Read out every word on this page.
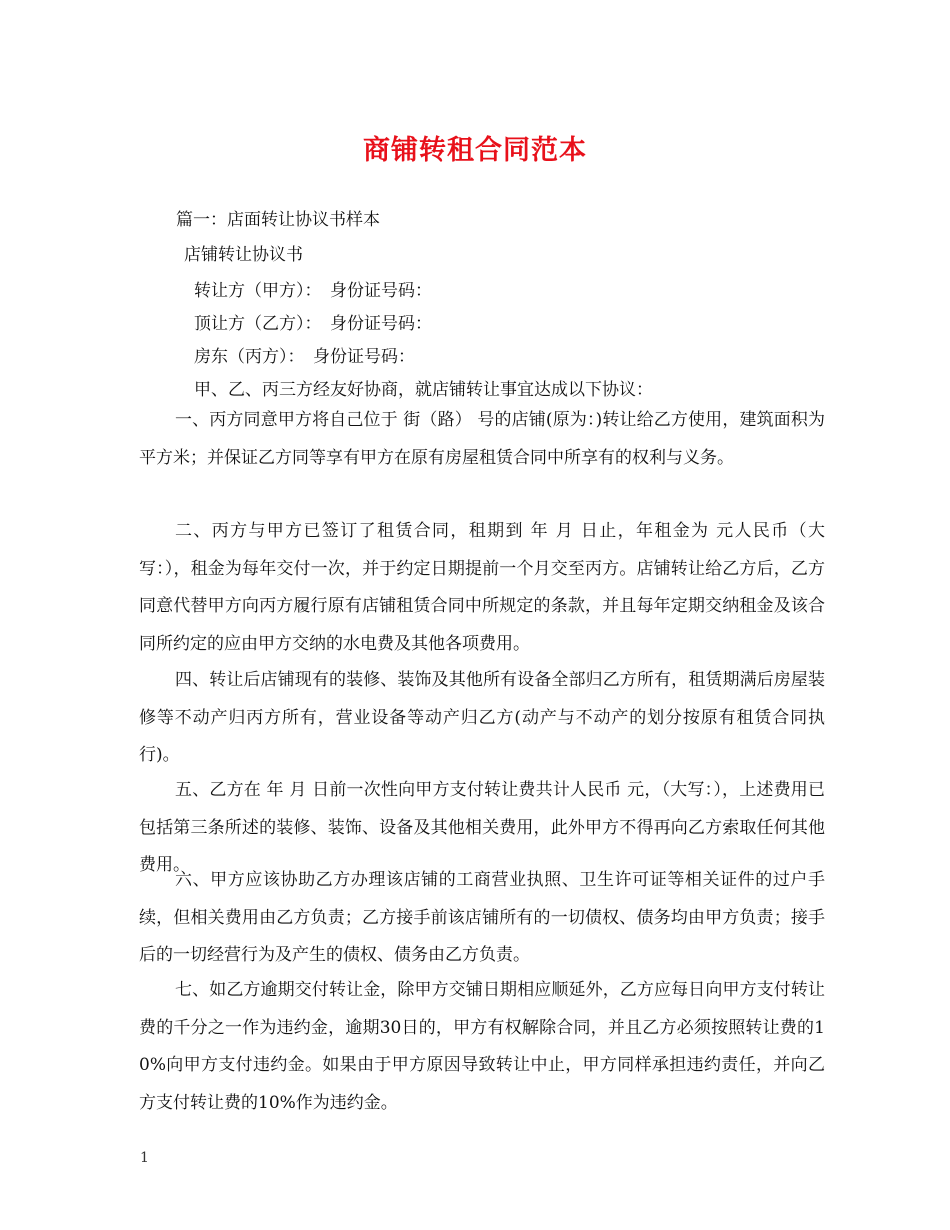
商铺转租合同范本
篇一：店面转让协议书样本
店铺转让协议书
转让方（甲方）：　身份证号码：
顶让方（乙方）：　身份证号码：
房东（丙方）：　身份证号码：
甲、乙、丙三方经友好协商，就店铺转让事宜达成以下协议：
一、丙方同意甲方将自己位于 街（路） 号的店铺(原为：)转让给乙方使用，建筑面积为 平方米；并保证乙方同等享有甲方在原有房屋租赁合同中所享有的权利与义务。
二、丙方与甲方已签订了租赁合同，租期到 年 月 日止，年租金为 元人民币（大写：），租金为每年交付一次，并于约定日期提前一个月交至丙方。店铺转让给乙方后，乙方同意代替甲方向丙方履行原有店铺租赁合同中所规定的条款，并且每年定期交纳租金及该合同所约定的应由甲方交纳的水电费及其他各项费用。
四、转让后店铺现有的装修、装饰及其他所有设备全部归乙方所有，租赁期满后房屋装修等不动产归丙方所有，营业设备等动产归乙方(动产与不动产的划分按原有租赁合同执行)。
五、乙方在 年 月 日前一次性向甲方支付转让费共计人民币 元，（大写：），上述费用已包括第三条所述的装修、装饰、设备及其他相关费用，此外甲方不得再向乙方索取任何其他费用。
六、甲方应该协助乙方办理该店铺的工商营业执照、卫生许可证等相关证件的过户手续，但相关费用由乙方负责；乙方接手前该店铺所有的一切债权、债务均由甲方负责；接手后的一切经营行为及产生的债权、债务由乙方负责。
七、如乙方逾期交付转让金，除甲方交铺日期相应顺延外，乙方应每日向甲方支付转让费的千分之一作为违约金，逾期30日的，甲方有权解除合同，并且乙方必须按照转让费的10%向甲方支付违约金。如果由于甲方原因导致转让中止，甲方同样承担违约责任，并向乙方支付转让费的10%作为违约金。
1
